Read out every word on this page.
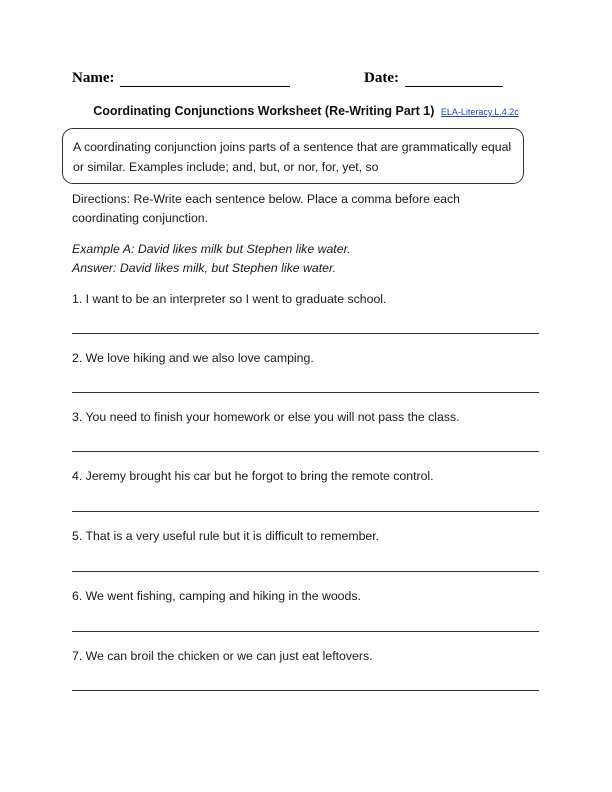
Name:	Date:
Coordinating Conjunctions Worksheet (Re-Writing Part 1) ELA-Literacy.L.4.2c
A coordinating conjunction joins parts of a sentence that are grammatically equal or similar. Examples include; and, but, or nor, for, yet, so
Directions: Re-Write each sentence below. Place a comma before each coordinating conjunction.
Example A: David likes milk but Stephen like water.
Answer: David likes milk, but Stephen like water.
1. I want to be an interpreter so I went to graduate school.
2. We love hiking and we also love camping.
3. You need to finish your homework or else you will not pass the class.
4. Jeremy brought his car but he forgot to bring the remote control.
5. That is a very useful rule but it is difficult to remember.
6. We went fishing, camping and hiking in the woods.
7. We can broil the chicken or we can just eat leftovers.
